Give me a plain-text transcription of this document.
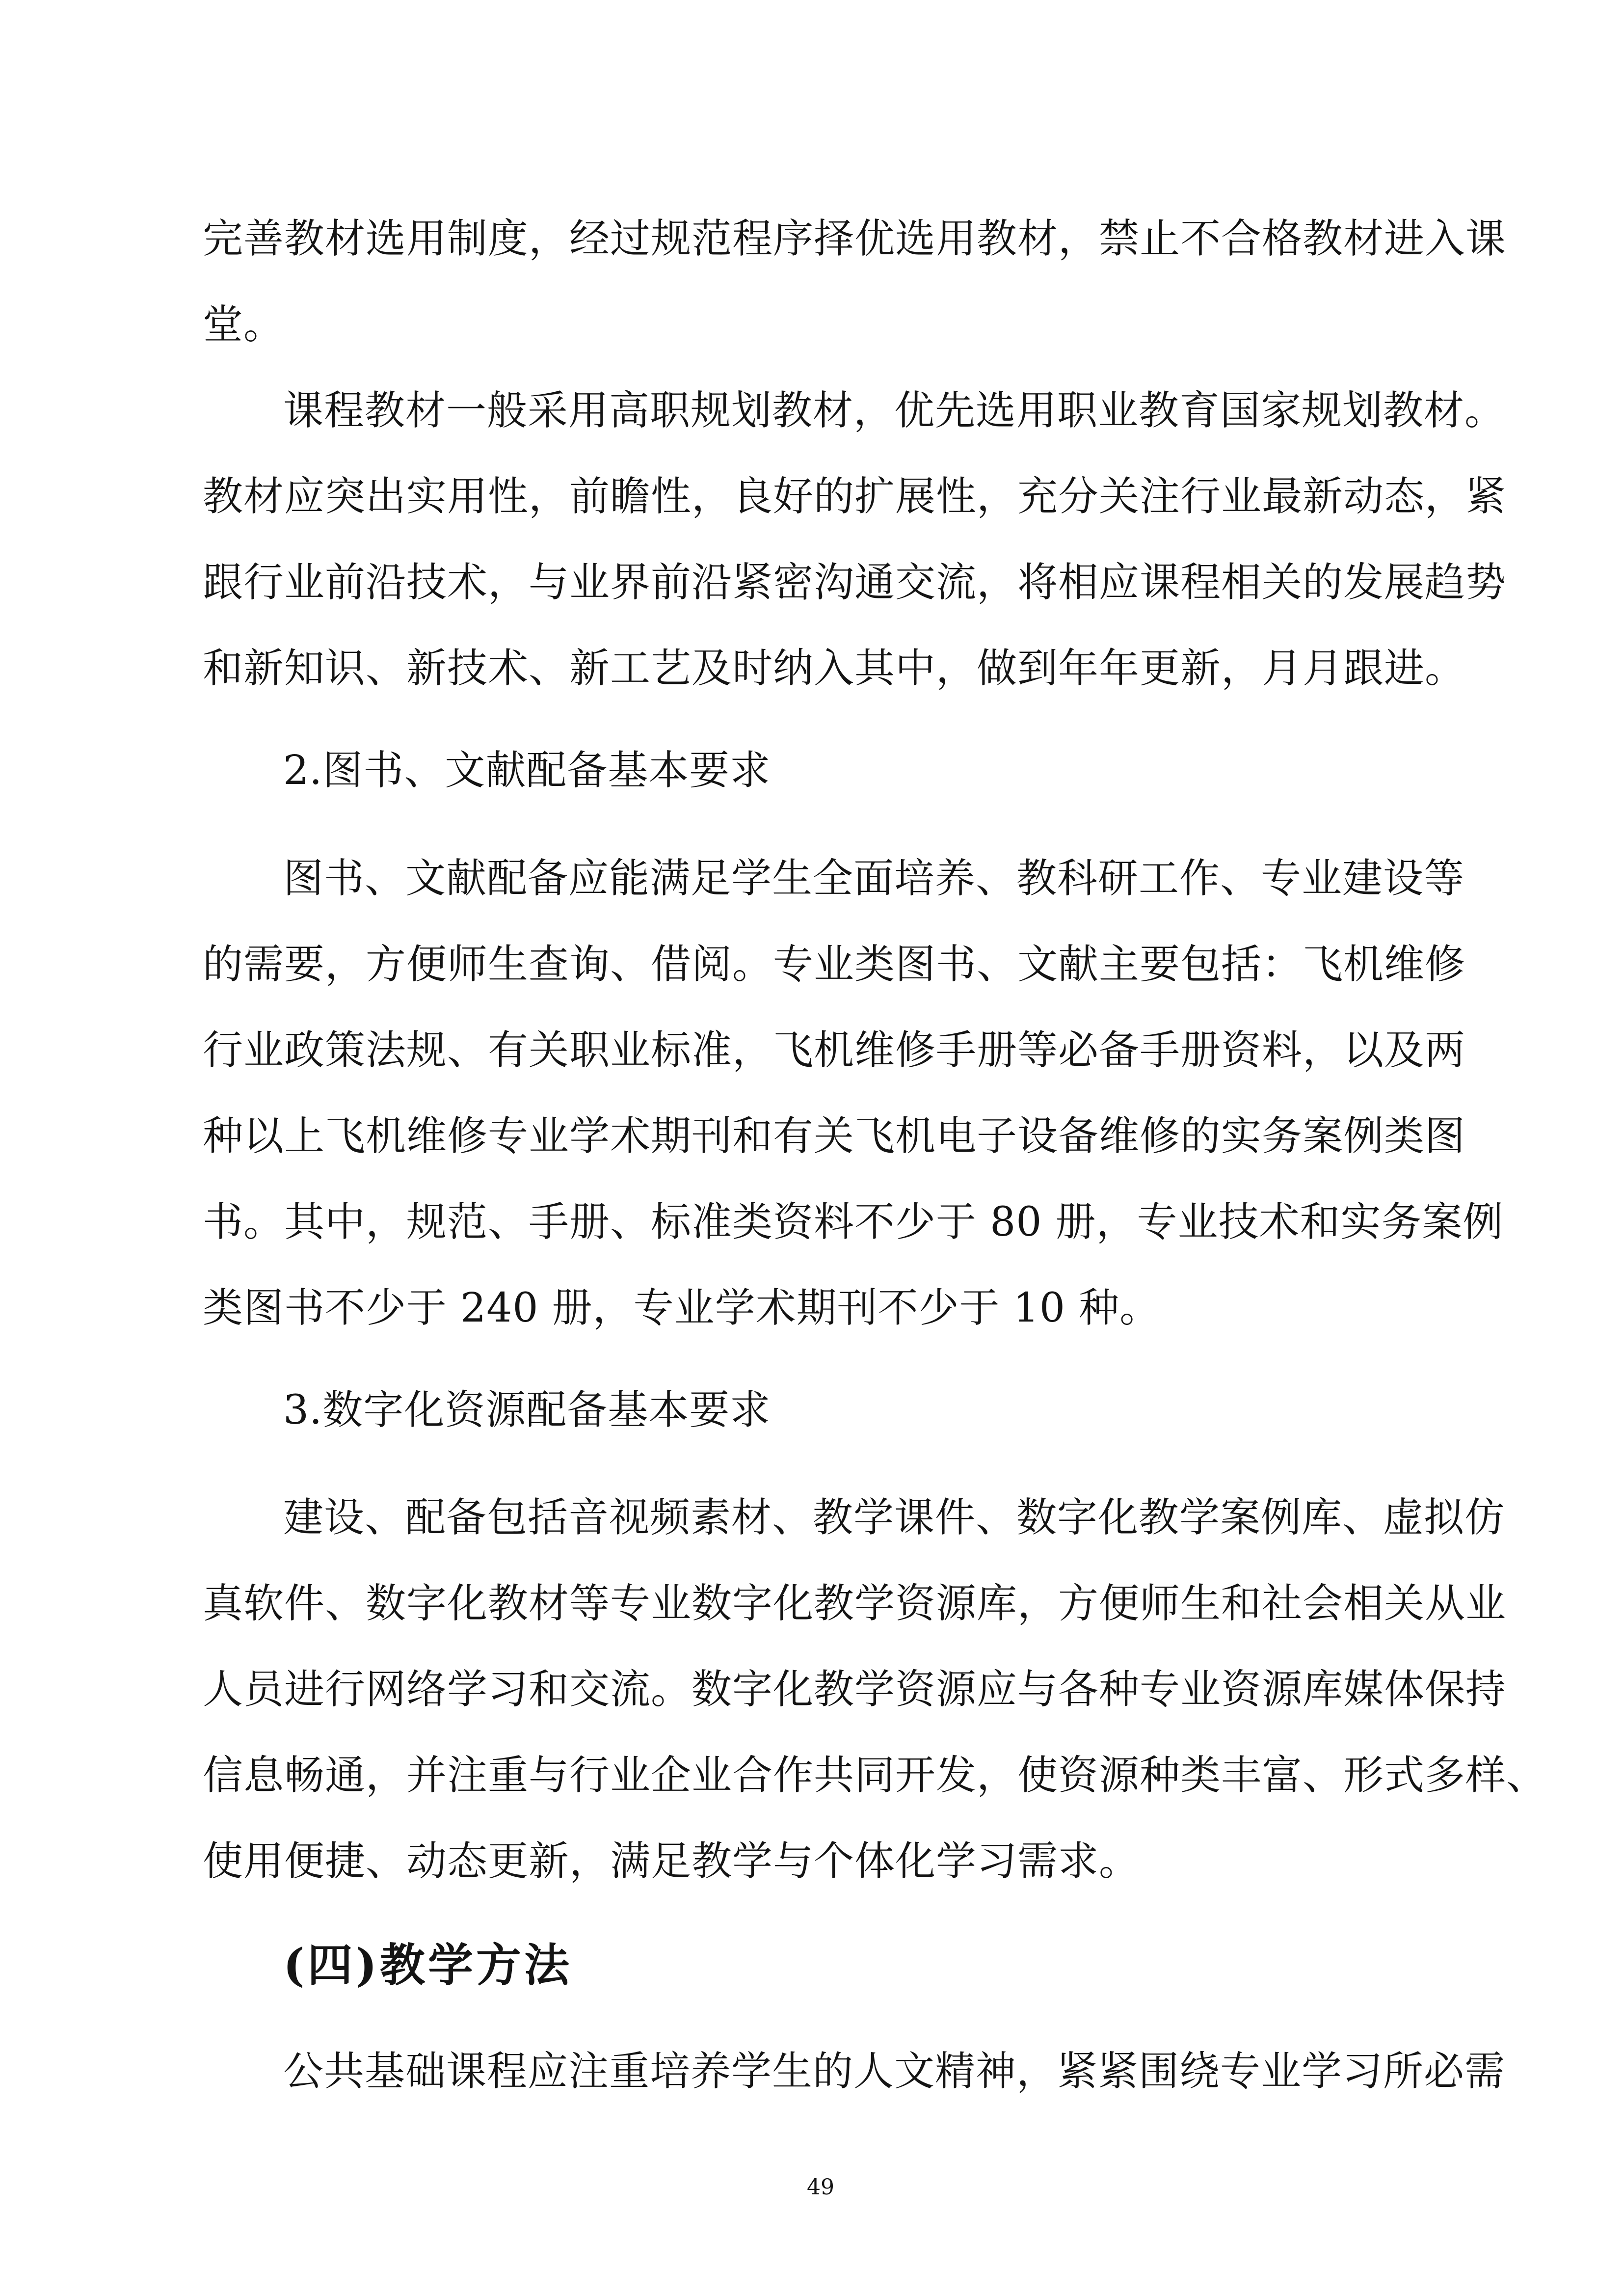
完善教材选用制度，经过规范程序择优选用教材，禁止不合格教材进入课

堂。

课程教材一般采用高职规划教材，优先选用职业教育国家规划教材。

教材应突出实用性，前瞻性，良好的扩展性，充分关注行业最新动态，紧

跟行业前沿技术，与业界前沿紧密沟通交流，将相应课程相关的发展趋势

和新知识、新技术、新工艺及时纳入其中，做到年年更新，月月跟进。

2.图书、文献配备基本要求

图书、文献配备应能满足学生全面培养、教科研工作、专业建设等

的需要，方便师生查询、借阅。专业类图书、文献主要包括：飞机维修

行业政策法规、有关职业标准，飞机维修手册等必备手册资料，以及两

种以上飞机维修专业学术期刊和有关飞机电子设备维修的实务案例类图

书。其中，规范、手册、标准类资料不少于 80 册，专业技术和实务案例

类图书不少于 240 册，专业学术期刊不少于 10 种。

3.数字化资源配备基本要求

建设、配备包括音视频素材、教学课件、数字化教学案例库、虚拟仿

真软件、数字化教材等专业数字化教学资源库，方便师生和社会相关从业

人员进行网络学习和交流。数字化教学资源应与各种专业资源库媒体保持

信息畅通，并注重与行业企业合作共同开发，使资源种类丰富、形式多样、

使用便捷、动态更新，满足教学与个体化学习需求。

(四)教学方法

公共基础课程应注重培养学生的人文精神，紧紧围绕专业学习所必需

49
